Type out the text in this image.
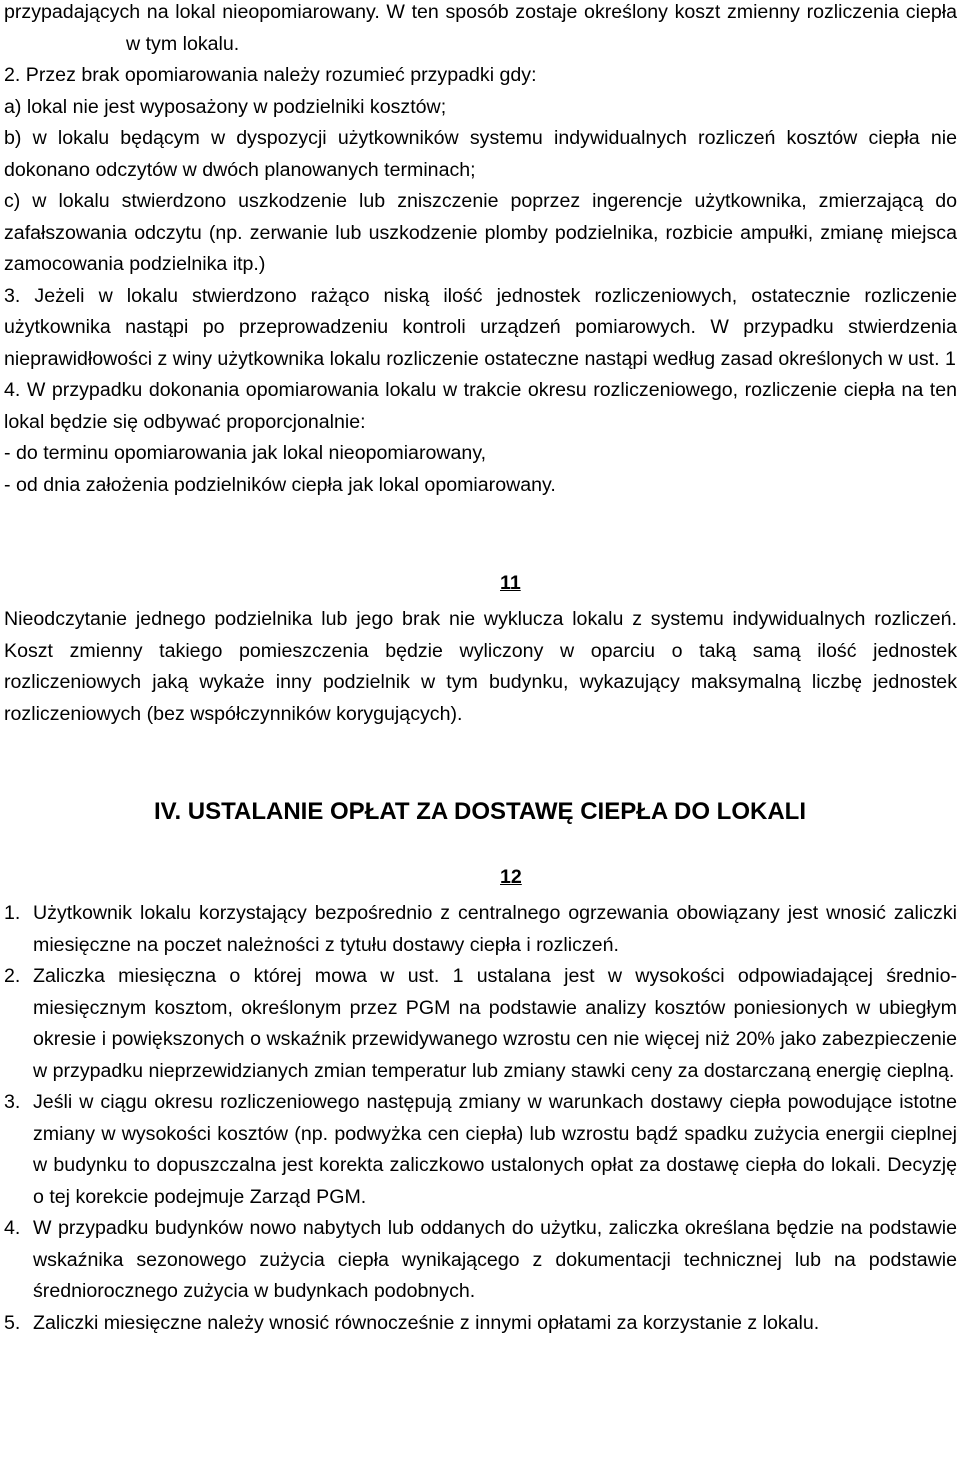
przypadających na lokal nieopomiarowany. W ten sposób zostaje określony koszt zmienny rozliczenia ciepław tym lokalu.

2. Przez brak opomiarowania należy rozumieć przypadki gdy:

a) lokal nie jest wyposażony w podzielniki kosztów;

b) w lokalu będącym w dyspozycji użytkowników systemu indywidualnych rozliczeń kosztów ciepła nie dokonano odczytów w dwóch planowanych terminach;

c) w lokalu stwierdzono uszkodzenie lub zniszczenie poprzez ingerencje użytkownika, zmierzającą do zafałszowania odczytu (np. zerwanie lub uszkodzenie plomby podzielnika, rozbicie ampułki, zmianę miejsca zamocowania podzielnika itp.)

3. Jeżeli w lokalu stwierdzono rażąco niską ilość jednostek rozliczeniowych, ostatecznie rozliczenie użytkownika nastąpi po przeprowadzeniu kontroli urządzeń pomiarowych. W przypadku stwierdzenia nieprawidłowości z winy użytkownika lokalu rozliczenie ostateczne nastąpi według zasad określonych w ust. 1

4. W przypadku dokonania opomiarowania lokalu w trakcie okresu rozliczeniowego, rozliczenie ciepła na ten lokal będzie się odbywać proporcjonalnie:

- do terminu opomiarowania jak lokal nieopomiarowany,

- od dnia założenia podzielników ciepła jak lokal opomiarowany.

11

Nieodczytanie jednego podzielnika lub jego brak nie wyklucza lokalu z systemu indywidualnych rozliczeń. Koszt zmienny takiego pomieszczenia będzie wyliczony w oparciu o taką samą ilość jednostek rozliczeniowych jaką wykaże inny podzielnik w tym budynku, wykazujący maksymalną liczbę jednostek rozliczeniowych (bez współczynników korygujących).

IV. USTALANIE OPŁAT ZA DOSTAWĘ CIEPŁA DO LOKALI

12

1. Użytkownik lokalu korzystający bezpośrednio z centralnego ogrzewania obowiązany jest wnosić zaliczki miesięczne na poczet należności z tytułu dostawy ciepła i rozliczeń.

2. Zaliczka miesięczna o której mowa w ust. 1 ustalana jest w wysokości odpowiadającej średnio-miesięcznym kosztom, określonym przez PGM na podstawie analizy kosztów poniesionych w ubiegłym okresie i powiększonych o wskaźnik przewidywanego wzrostu cen nie więcej niż 20% jako zabezpieczenie w przypadku nieprzewidzianych zmian temperatur lub zmiany stawki ceny za dostarczaną energię cieplną.

3. Jeśli w ciągu okresu rozliczeniowego następują zmiany w warunkach dostawy ciepła powodujące istotne zmiany w wysokości kosztów (np. podwyżka cen ciepła) lub wzrostu bądź spadku zużycia energii cieplnej w budynku to dopuszczalna jest korekta zaliczkowo ustalonych opłat za dostawę ciepła do lokali. Decyzję o tej korekcie podejmuje Zarząd PGM.

4. W przypadku budynków nowo nabytych lub oddanych do użytku, zaliczka określana będzie na podstawie wskaźnika sezonowego zużycia ciepła wynikającego z dokumentacji technicznej lub na podstawie średniorocznego zużycia w budynkach podobnych.

5. Zaliczki miesięczne należy wnosić równocześnie z innymi opłatami za korzystanie z lokalu.
